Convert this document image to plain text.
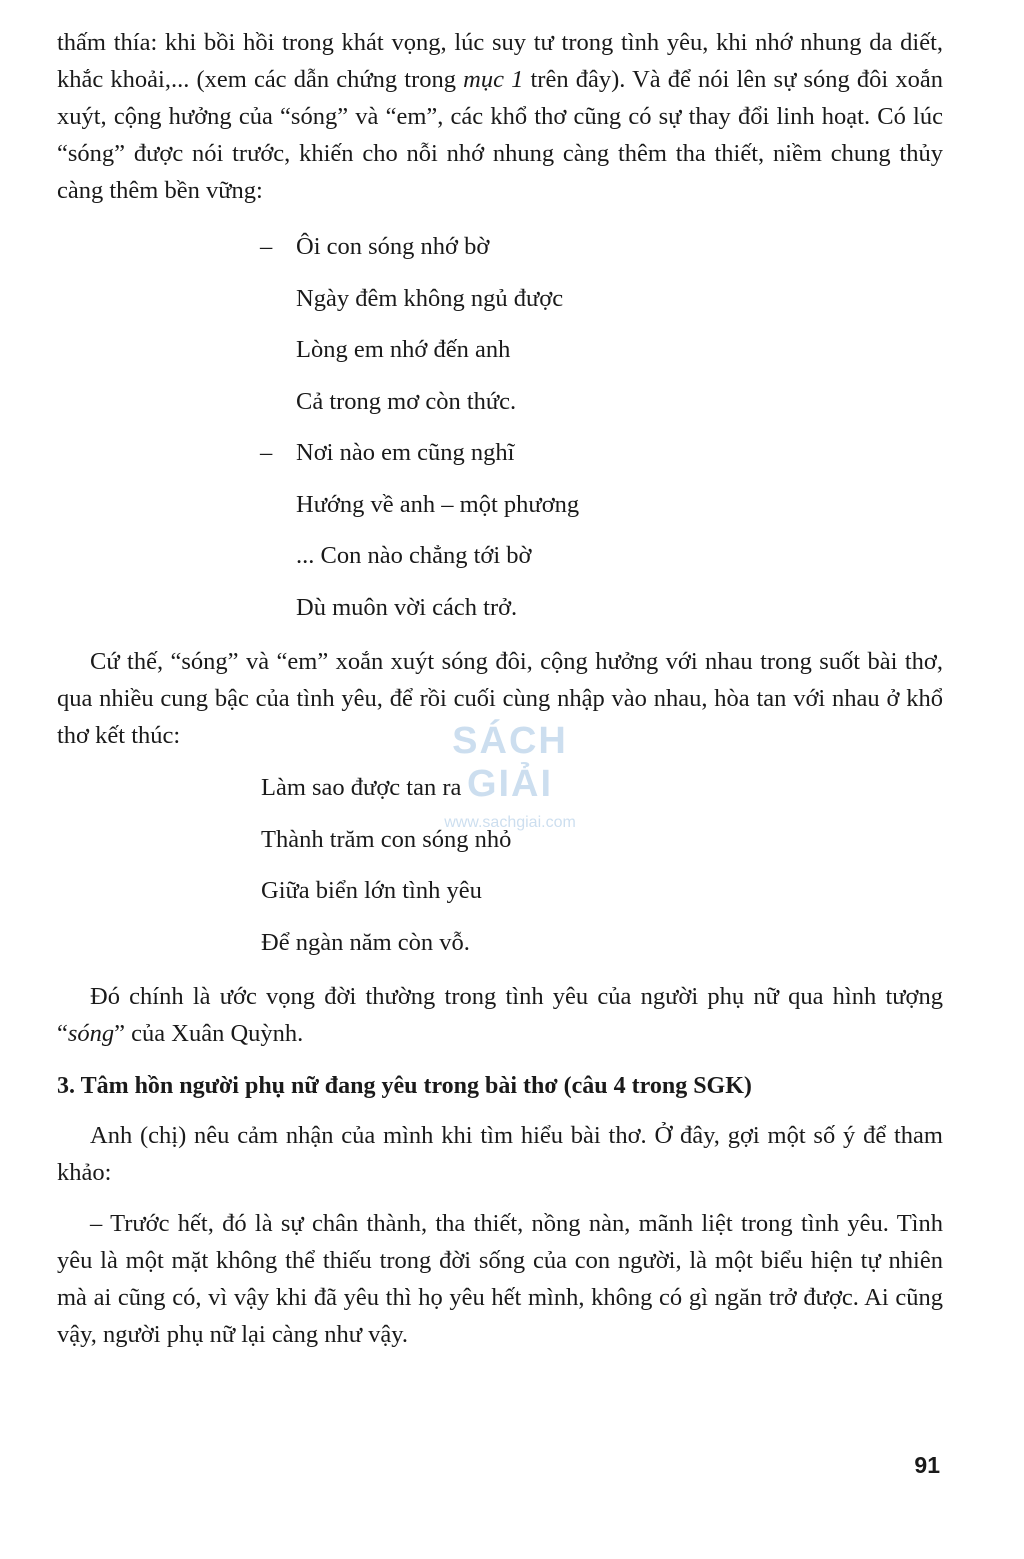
SÁCH GIẢI
www.sachgiai.com

thấm thía: khi bồi hồi trong khát vọng, lúc suy tư trong tình yêu, khi nhớ nhung da diết, khắc khoải,... (xem các dẫn chứng trong mục 1 trên đây). Và để nói lên sự sóng đôi xoắn xuýt, cộng hưởng của “sóng” và “em”, các khổ thơ cũng có sự thay đổi linh hoạt. Có lúc “sóng” được nói trước, khiến cho nỗi nhớ nhung càng thêm tha thiết, niềm chung thủy càng thêm bền vững:

– Ôi con sóng nhớ bờ
Ngày đêm không ngủ được
Lòng em nhớ đến anh
Cả trong mơ còn thức.
– Nơi nào em cũng nghĩ
Hướng về anh – một phương
... Con nào chẳng tới bờ
Dù muôn vời cách trở.

Cứ thế, “sóng” và “em” xoắn xuýt sóng đôi, cộng hưởng với nhau trong suốt bài thơ, qua nhiều cung bậc của tình yêu, để rồi cuối cùng nhập vào nhau, hòa tan với nhau ở khổ thơ kết thúc:

Làm sao được tan ra
Thành trăm con sóng nhỏ
Giữa biển lớn tình yêu
Để ngàn năm còn vỗ.

Đó chính là ước vọng đời thường trong tình yêu của người phụ nữ qua hình tượng “sóng” của Xuân Quỳnh.

3. Tâm hồn người phụ nữ đang yêu trong bài thơ (câu 4 trong SGK)

Anh (chị) nêu cảm nhận của mình khi tìm hiểu bài thơ. Ở đây, gợi một số ý để tham khảo:

– Trước hết, đó là sự chân thành, tha thiết, nồng nàn, mãnh liệt trong tình yêu. Tình yêu là một mặt không thể thiếu trong đời sống của con người, là một biểu hiện tự nhiên mà ai cũng có, vì vậy khi đã yêu thì họ yêu hết mình, không có gì ngăn trở được. Ai cũng vậy, người phụ nữ lại càng như vậy.

91
